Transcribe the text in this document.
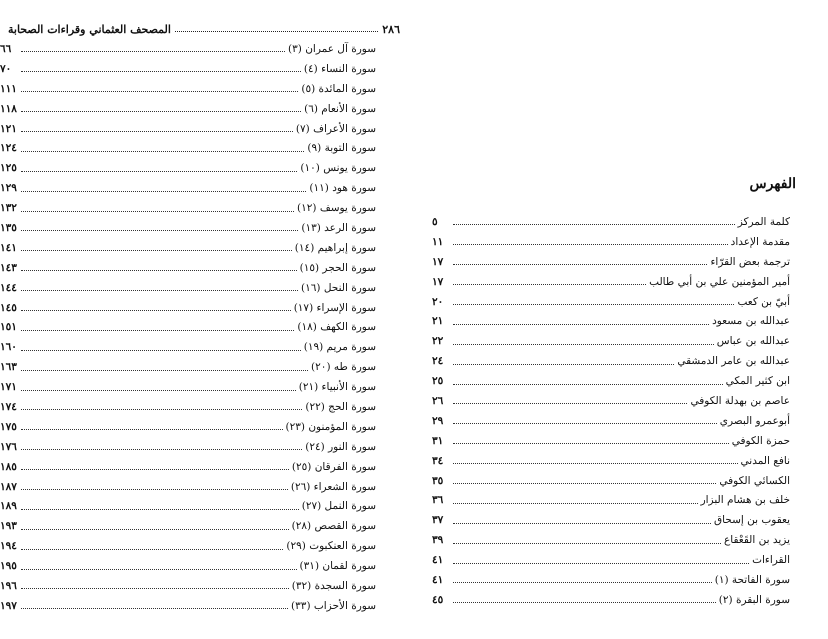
٢٨٦
المصحف العثماني وقراءات الصحابة
سورة آل عمران (٣)
٦٦
سورة النساء (٤)
٧٠
سورة المائدة (٥)
١١١
سورة الأنعام (٦)
١١٨
سورة الأعراف (٧)
١٢١
سورة التوبة (٩)
١٢٤
سورة يونس (١٠)
١٢٥
سورة هود (١١)
١٢٩
سورة يوسف (١٢)
١٣٢
سورة الرعد (١٣)
١٣٥
سورة إبراهيم (١٤)
١٤١
سورة الحجر (١٥)
١٤٣
سورة النحل (١٦)
١٤٤
سورة الإسراء (١٧)
١٤٥
سورة الكهف (١٨)
١٥١
سورة مريم (١٩)
١٦٠
سورة طه (٢٠)
١٦٣
سورة الأنبياء (٢١)
١٧١
سورة الحج (٢٢)
١٧٤
سورة المؤمنون (٢٣)
١٧٥
سورة النور (٢٤)
١٧٦
سورة الفرقان (٢٥)
١٨٥
سورة الشعراء (٢٦)
١٨٧
سورة النمل (٢٧)
١٨٩
سورة القصص (٢٨)
١٩٣
سورة العنكبوت (٢٩)
١٩٤
سورة لقمان (٣١)
١٩٥
سورة السجدة (٣٢)
١٩٦
سورة الأحزاب (٣٣)
١٩٧
الفهرس
كلمة المركز
٥
مقدمة الإعداد
١١
ترجمة بعض القرّاء
١٧
أمير المؤمنين علي بن أبي طالب
١٧
أبيّ بن كعب
٢٠
عبدالله بن مسعود
٢١
عبدالله بن عباس
٢٢
عبدالله بن عامر الدمشقي
٢٤
ابن كثير المكي
٢٥
عاصم بن بهدلة الكوفي
٢٦
أبوعمرو البصري
٢٩
حمزة الكوفي
٣١
نافع المدني
٣٤
الكسائي الكوفي
٣٥
خلف بن هشام البزار
٣٦
يعقوب بن إسحاق
٣٧
يزيد بن القَعْقاع
٣٩
القراءات
٤١
سورة الفاتحة (١)
٤١
سورة البقرة (٢)
٤٥
